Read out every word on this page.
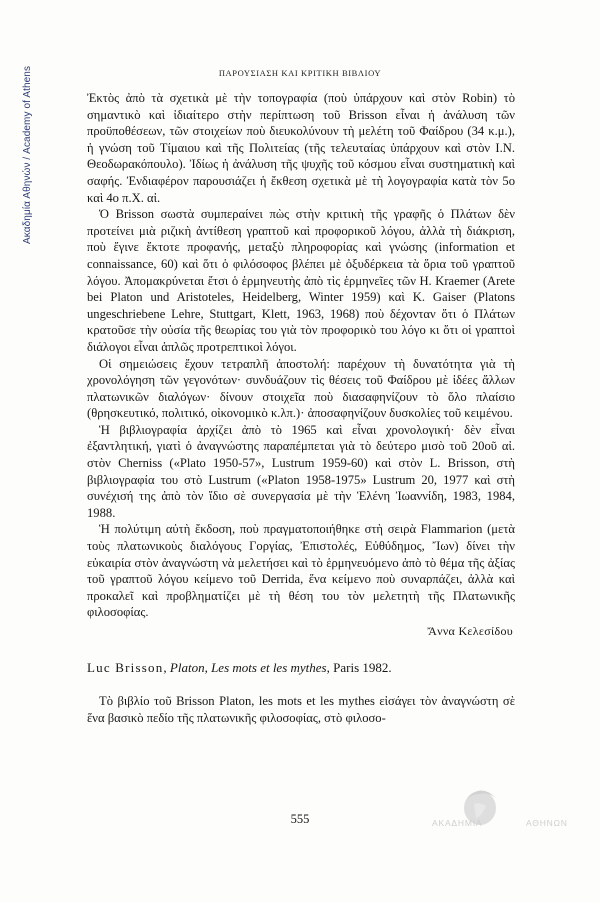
Ακαδημία Αθηνών / Academy of Athens	ΠΑΡΟΥΣΙΑΣΗ ΚΑΙ ΚΡΙΤΙΚΗ ΒΙΒΛΙΟΥ

Ἐκτὸς ἀπὸ τὰ σχετικὰ μὲ τὴν τοπογραφία (ποὺ ὑπάρχουν καὶ στὸν Robin) τὸ σημαντικὸ καὶ ἰδιαίτερο στὴν περίπτωση τοῦ Brisson εἶναι ἡ ἀνάλυση τῶν προϋποθέσεων, τῶν στοιχείων ποὺ διευκολύνουν τὴ μελέτη τοῦ Φαίδρου (34 κ.μ.), ἡ γνώση τοῦ Τίμαιου καὶ τῆς Πολιτείας (τῆς τελευταίας ὑπάρχουν καὶ στὸν Ι.Ν. Θεοδωρακόπουλο). Ἰδίως ἡ ἀνάλυση τῆς ψυχῆς τοῦ κόσμου εἶναι συστηματικὴ καὶ σαφής. Ἐνδιαφέρον παρουσιάζει ἡ ἔκθεση σχετικὰ μὲ τὴ λογογραφία κατὰ τὸν 5ο καὶ 4ο π.Χ. αἰ.

Ὁ Brisson σωστὰ συμπεραίνει πὼς στὴν κριτικὴ τῆς γραφῆς ὁ Πλάτων δὲν προτείνει μιὰ ριζικὴ ἀντίθεση γραπτοῦ καὶ προφορικοῦ λόγου, ἀλλὰ τὴ διάκριση, ποὺ ἔγινε ἔκτοτε προφανής, μεταξὺ πληροφορίας καὶ γνώσης (information et connaissance, 60) καὶ ὅτι ὁ φιλόσοφος βλέπει μὲ ὀξυδέρκεια τὰ ὅρια τοῦ γραπτοῦ λόγου. Ἀπομακρύνεται ἔτσι ὁ ἑρμηνευτὴς ἀπὸ τὶς ἑρμηνεῖες τῶν H. Kraemer (Arete bei Platon und Aristoteles, Heidelberg, Winter 1959) καὶ K. Gaiser (Platons ungeschriebene Lehre, Stuttgart, Klett, 1963, 1968) ποὺ δέχονταν ὅτι ὁ Πλάτων κρατοῦσε τὴν οὐσία τῆς θεωρίας του γιὰ τὸν προφορικὸ του λόγο κι ὅτι οἱ γραπτοὶ διάλογοι εἶναι ἁπλῶς προτρεπτικοὶ λόγοι.

Οἱ σημειώσεις ἔχουν τετραπλῆ ἀποστολή: παρέχουν τὴ δυνατότητα γιὰ τὴ χρονολόγηση τῶν γεγονότων· συνδυάζουν τὶς θέσεις τοῦ Φαίδρου μὲ ἰδέες ἄλλων πλατωνικῶν διαλόγων· δίνουν στοιχεῖα ποὺ διασαφηνίζουν τὸ ὅλο πλαίσιο (θρησκευτικό, πολιτικό, οἰκονομικὸ κ.λπ.)· ἀποσαφηνίζουν δυσκολίες τοῦ κειμένου.

Ἡ βιβλιογραφία ἀρχίζει ἀπὸ τὸ 1965 καὶ εἶναι χρονολογική· δὲν εἶναι ἐξαντλητική, γιατὶ ὁ ἀναγνώστης παραπέμπεται γιὰ τὸ δεύτερο μισὸ τοῦ 20οῦ αἰ. στὸν Cherniss («Plato 1950-57», Lustrum 1959-60) καὶ στὸν L. Brisson, στὴ βιβλιογραφία του στὸ Lustrum («Platon 1958-1975» Lustrum 20, 1977 καὶ στὴ συνέχισή της ἀπὸ τὸν ἴδιο σὲ συνεργασία μὲ τὴν Ἑλένη Ἰωαννίδη, 1983, 1984, 1988.

Ἡ πολύτιμη αὐτὴ ἔκδοση, ποὺ πραγματοποιήθηκε στὴ σειρὰ Flammarion (μετὰ τοὺς πλατωνικοὺς διαλόγους Γοργίας, Ἐπιστολές, Εὐθύδημος, Ἴων) δίνει τὴν εὐκαιρία στὸν ἀναγνώστη νὰ μελετήσει καὶ τὸ ἑρμηνευόμενο ἀπὸ τὸ θέμα τῆς ἀξίας τοῦ γραπτοῦ λόγου κείμενο τοῦ Derrida, ἕνα κείμενο ποὺ συναρπάζει, ἀλλὰ καὶ προκαλεῖ καὶ προβληματίζει μὲ τὴ θέση του τὸν μελετητὴ τῆς Πλατωνικῆς φιλοσοφίας.

Ἄννα Κελεσίδου
Luc Brisson, Platon, Les mots et les mythes, Paris 1982.

Τὸ βιβλίο τοῦ Brisson Platon, les mots et les mythes εἰσάγει τὸν ἀναγνώστη σὲ ἕνα βασικὸ πεδίο τῆς πλατωνικῆς φιλοσοφίας, στὸ φιλοσο-

555	ΑΚΑΔΗΜΙΑ	ΑΘΗΝΩΝ
